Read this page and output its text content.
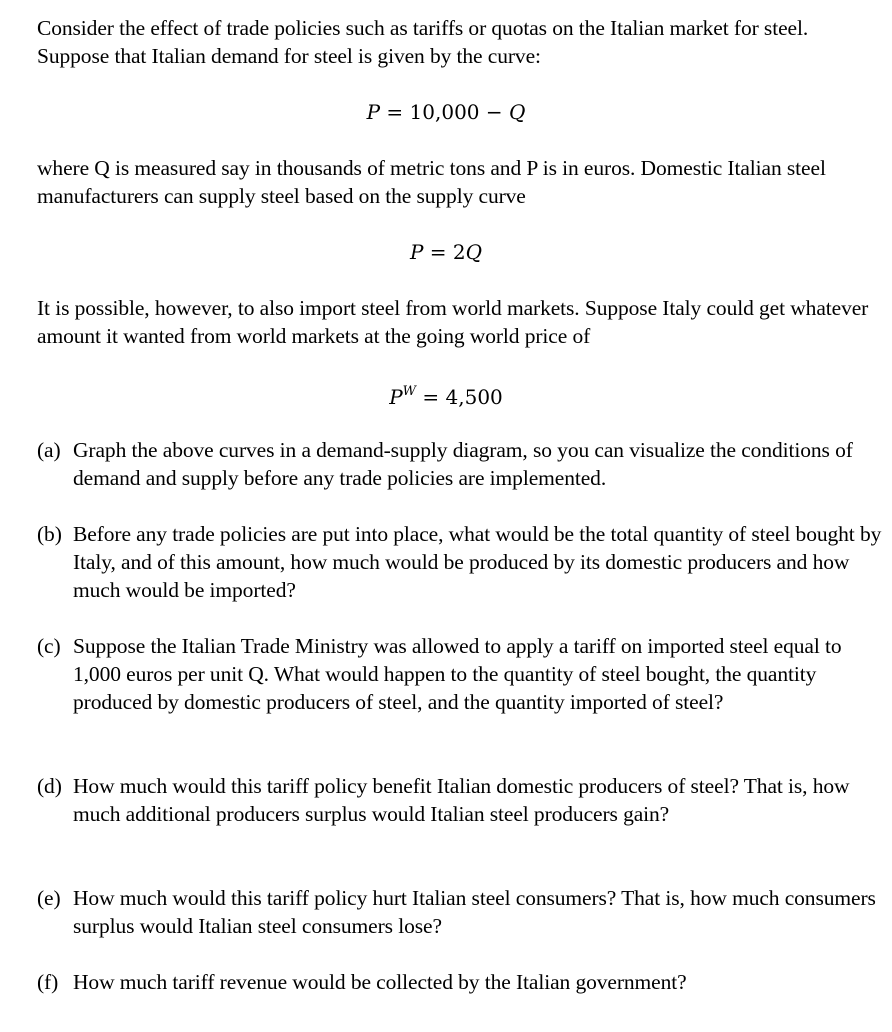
Consider the effect of trade policies such as tariffs or quotas on the Italian market for steel. Suppose that Italian demand for steel is given by the curve:

P = 10,000 − Q

where Q is measured say in thousands of metric tons and P is in euros. Domestic Italian steel manufacturers can supply steel based on the supply curve

P = 2Q

It is possible, however, to also import steel from world markets. Suppose Italy could get whatever amount it wanted from world markets at the going world price of

$P^W = 4,500$

(a) Graph the above curves in a demand-supply diagram, so you can visualize the conditions of demand and supply before any trade policies are implemented.
(b) Before any trade policies are put into place, what would be the total quantity of steel bought by Italy, and of this amount, how much would be produced by its domestic producers and how much would be imported?
(c) Suppose the Italian Trade Ministry was allowed to apply a tariff on imported steel equal to 1,000 euros per unit Q. What would happen to the quantity of steel bought, the quantity produced by domestic producers of steel, and the quantity imported of steel?
(d) How much would this tariff policy benefit Italian domestic producers of steel? That is, how much additional producers surplus would Italian steel producers gain?
(e) How much would this tariff policy hurt Italian steel consumers? That is, how much consumers surplus would Italian steel consumers lose?
(f) How much tariff revenue would be collected by the Italian government?
